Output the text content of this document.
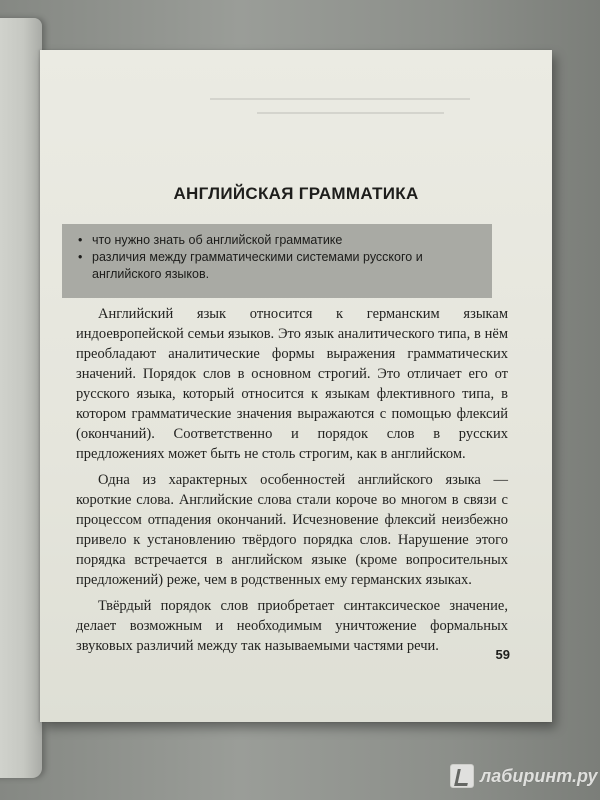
АНГЛИЙСКАЯ ГРАММАТИКА
• что нужно знать об английской грамматике
• различия между грамматическими системами русского и английского языков.

Английский язык относится к германским языкам индоевропейской семьи языков. Это язык аналитического типа, в нём преобладают аналитические формы выражения грамматических значений. Порядок слов в основном строгий. Это отличает его от русского языка, который относится к языкам флективного типа, в котором грамматические значения выражаются с помощью флексий (окончаний). Соответственно и порядок слов в русских предложениях может быть не столь строгим, как в английском.

Одна из характерных особенностей английского языка — короткие слова. Английские слова стали короче во многом в связи с процессом отпадения окончаний. Исчезновение флексий неизбежно привело к установлению твёрдого порядка слов. Нарушение этого порядка встречается в английском языке (кроме вопросительных предложений) реже, чем в родственных ему германских языках.

Твёрдый порядок слов приобретает синтаксическое значение, делает возможным и необходимым уничтожение формальных звуковых различий между так называемыми частями речи.

59
лабиринт.ру
